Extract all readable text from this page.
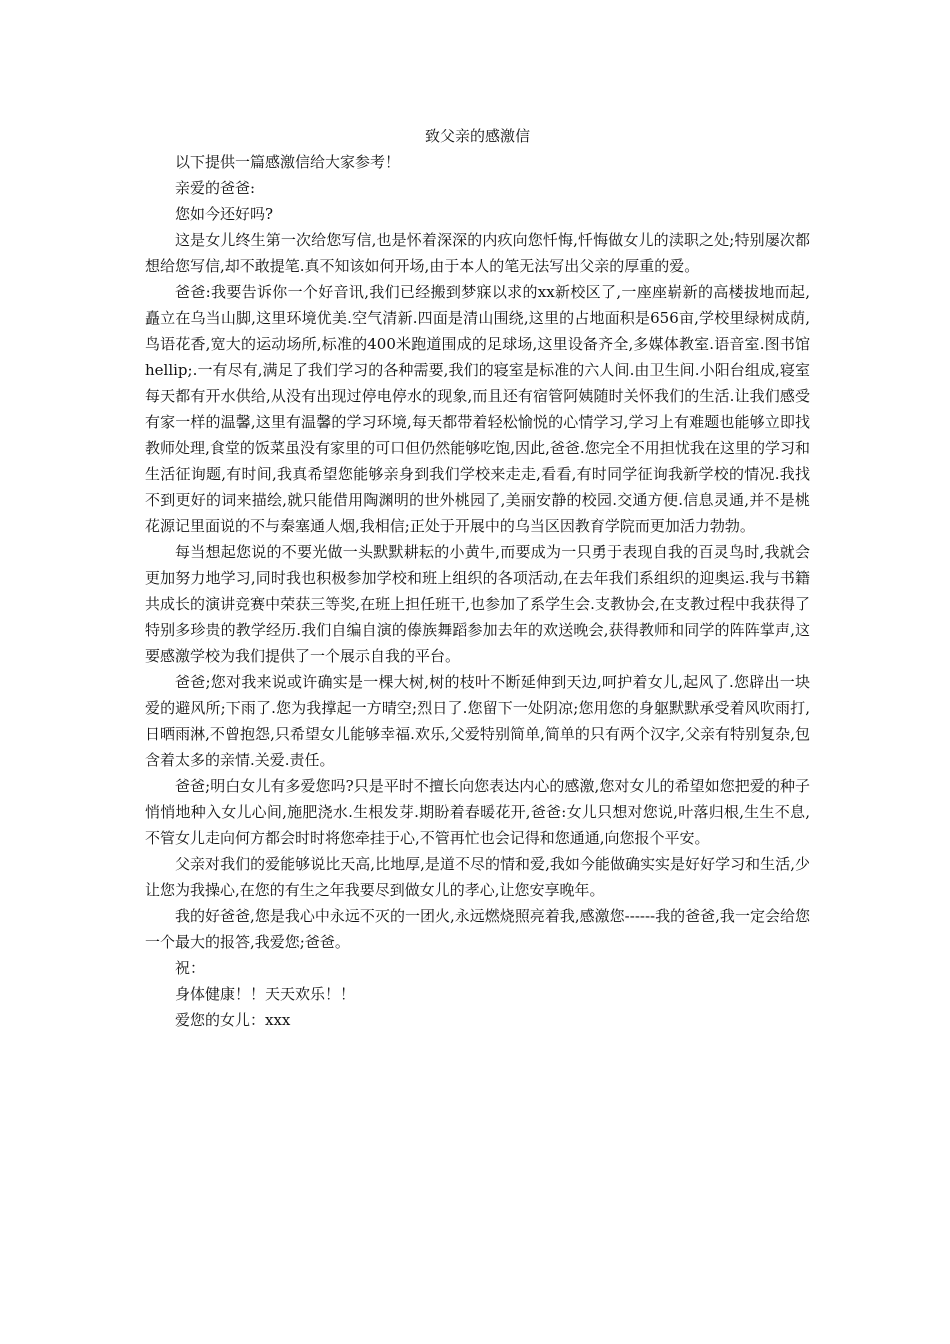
致父亲的感激信

以下提供一篇感激信给大家参考！

亲爱的爸爸:

您如今还好吗?

这是女儿终生第一次给您写信,也是怀着深深的内疚向您忏悔,忏悔做女儿的渎职之处;特别屡次都想给您写信,却不敢提笔.真不知该如何开场,由于本人的笔无法写出父亲的厚重的爱。

爸爸:我要告诉你一个好音讯,我们已经搬到梦寐以求的xx新校区了,一座座崭新的高楼拔地而起,矗立在乌当山脚,这里环境优美.空气清新.四面是清山围绕,这里的占地面积是656亩,学校里绿树成荫,鸟语花香,宽大的运动场所,标准的400米跑道围成的足球场,这里设备齐全,多媒体教室.语音室.图书馆hellip;.一有尽有,满足了我们学习的各种需要,我们的寝室是标准的六人间.由卫生间.小阳台组成,寝室每天都有开水供给,从没有出现过停电停水的现象,而且还有宿管阿姨随时关怀我们的生活.让我们感受有家一样的温馨,这里有温馨的学习环境,每天都带着轻松愉悦的心情学习,学习上有难题也能够立即找教师处理,食堂的饭菜虽没有家里的可口但仍然能够吃饱,因此,爸爸.您完全不用担忧我在这里的学习和生活征询题,有时间,我真希望您能够亲身到我们学校来走走,看看,有时同学征询我新学校的情况.我找不到更好的词来描绘,就只能借用陶渊明的世外桃园了,美丽安静的校园.交通方便.信息灵通,并不是桃花源记里面说的不与秦塞通人烟,我相信;正处于开展中的乌当区因教育学院而更加活力勃勃。

每当想起您说的不要光做一头默默耕耘的小黄牛,而要成为一只勇于表现自我的百灵鸟时,我就会更加努力地学习,同时我也积极参加学校和班上组织的各项活动,在去年我们系组织的迎奥运.我与书籍共成长的演讲竞赛中荣获三等奖,在班上担任班干,也参加了系学生会.支教协会,在支教过程中我获得了特别多珍贵的教学经历.我们自编自演的傣族舞蹈参加去年的欢送晚会,获得教师和同学的阵阵掌声,这要感激学校为我们提供了一个展示自我的平台。

爸爸;您对我来说或许确实是一棵大树,树的枝叶不断延伸到天边,呵护着女儿,起风了.您辟出一块爱的避风所;下雨了.您为我撑起一方晴空;烈日了.您留下一处阴凉;您用您的身躯默默承受着风吹雨打,日晒雨淋,不曾抱怨,只希望女儿能够幸福.欢乐,父爱特别简单,简单的只有两个汉字,父亲有特别复杂,包含着太多的亲情.关爱.责任。

爸爸;明白女儿有多爱您吗?只是平时不擅长向您表达内心的感激,您对女儿的希望如您把爱的种子悄悄地种入女儿心间,施肥浇水.生根发芽.期盼着春暖花开,爸爸:女儿只想对您说,叶落归根,生生不息,不管女儿走向何方都会时时将您牵挂于心,不管再忙也会记得和您通通,向您报个平安。

父亲对我们的爱能够说比天高,比地厚,是道不尽的情和爱,我如今能做确实实是好好学习和生活,少让您为我操心,在您的有生之年我要尽到做女儿的孝心,让您安享晚年。

我的好爸爸,您是我心中永远不灭的一团火,永远燃烧照亮着我,感激您------我的爸爸,我一定会给您一个最大的报答,我爱您;爸爸。

祝：

身体健康！！天天欢乐！！

爱您的女儿：xxx
